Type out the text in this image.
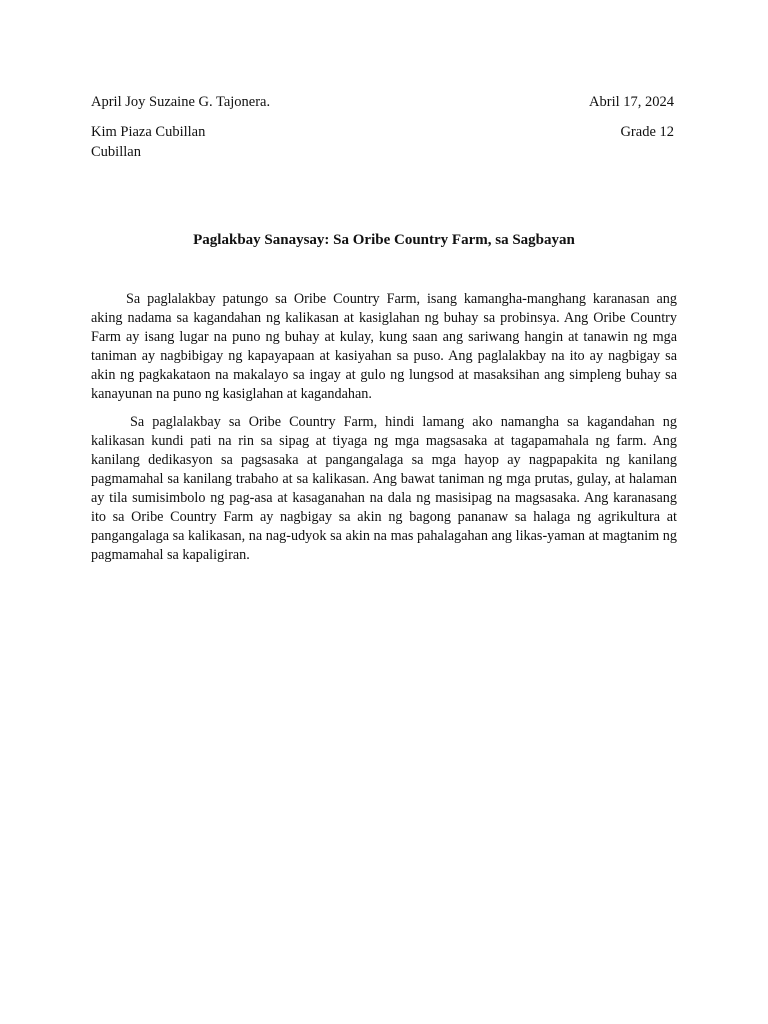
April Joy Suzaine G. Tajonera.	Abril 17, 2024
Kim Piaza Cubillan
Cubillan
Grade 12
Paglakbay Sanaysay: Sa Oribe Country Farm, sa Sagbayan

Sa paglalakbay patungo sa Oribe Country Farm, isang kamangha-manghang karanasan ang aking nadama sa kagandahan ng kalikasan at kasiglahan ng buhay sa probinsya. Ang Oribe Country Farm ay isang lugar na puno ng buhay at kulay, kung saan ang sariwang hangin at tanawin ng mga taniman ay nagbibigay ng kapayapaan at kasiyahan sa puso. Ang paglalakbay na ito ay nagbigay sa akin ng pagkakataon na makalayo sa ingay at gulo ng lungsod at masaksihan ang simpleng buhay sa kanayunan na puno ng kasiglahan at kagandahan.

Sa paglalakbay sa Oribe Country Farm, hindi lamang ako namangha sa kagandahan ng kalikasan kundi pati na rin sa sipag at tiyaga ng mga magsasaka at tagapamahala ng farm. Ang kanilang dedikasyon sa pagsasaka at pangangalaga sa mga hayop ay nagpapakita ng kanilang pagmamahal sa kanilang trabaho at sa kalikasan. Ang bawat taniman ng mga prutas, gulay, at halaman ay tila sumisimbolo ng pag-asa at kasaganahan na dala ng masisipag na magsasaka. Ang karanasang ito sa Oribe Country Farm ay nagbigay sa akin ng bagong pananaw sa halaga ng agrikultura at pangangalaga sa kalikasan, na nag-udyok sa akin na mas pahalagahan ang likas-yaman at magtanim ng pagmamahal sa kapaligiran.
